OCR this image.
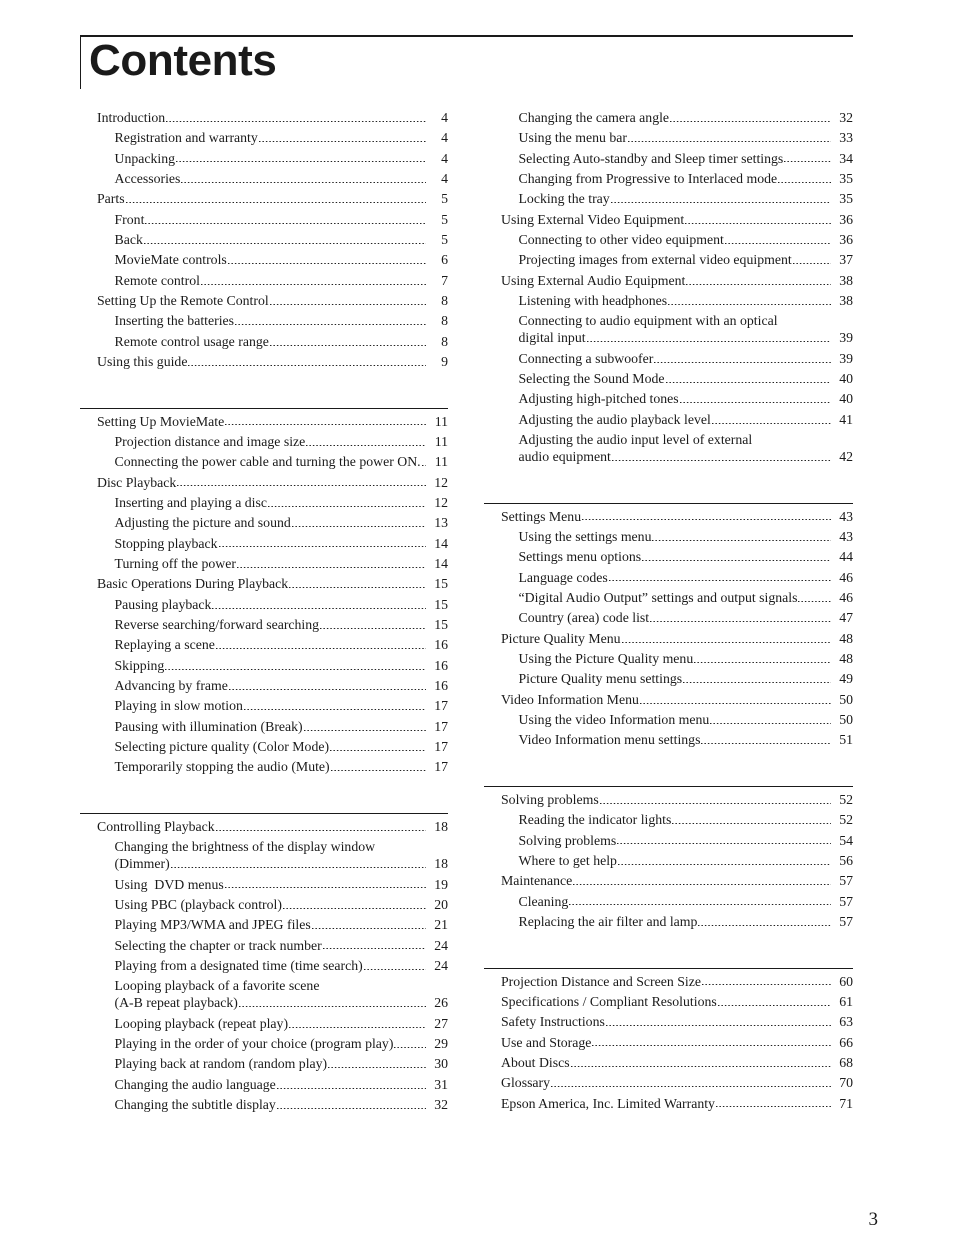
Contents
Introduction	4
Registration and warranty	4
Unpacking	4
Accessories	4
Parts	5
Front	5
Back	5
MovieMate controls	6
Remote control	7
Setting Up the Remote Control	8
Inserting the batteries	8
Remote control usage range	8
Using this guide	9
Setting Up MovieMate	11
Projection distance and image size	11
Connecting the power cable and turning the power ON.	11
Disc Playback	12
Inserting and playing a disc	12
Adjusting the picture and sound	13
Stopping playback	14
Turning off the power	14
Basic Operations During Playback	15
Pausing playback	15
Reverse searching/forward searching	15
Replaying a scene	16
Skipping	16
Advancing by frame	16
Playing in slow motion	17
Pausing with illumination (Break)	17
Selecting picture quality (Color Mode)	17
Temporarily stopping the audio (Mute)	17
Controlling Playback	18
Changing the brightness of the display window
(Dimmer)	18
Using  DVD menus	19
Using PBC (playback control)	20
Playing MP3/WMA and JPEG files	21
Selecting the chapter or track number	24
Playing from a designated time (time search)	24
Looping playback of a favorite scene
(A-B repeat playback)	26
Looping playback (repeat play)	27
Playing in the order of your choice (program play)	29
Playing back at random (random play)	30
Changing the audio language	31
Changing the subtitle display	32
Changing the camera angle	32
Using the menu bar	33
Selecting Auto-standby and Sleep timer settings	34
Changing from Progressive to Interlaced mode	35
Locking the tray	35
Using External Video Equipment	36
Connecting to other video equipment	36
Projecting images from external video equipment	37
Using External Audio Equipment	38
Listening with headphones	38
Connecting to audio equipment with an optical
digital input	39
Connecting a subwoofer	39
Selecting the Sound Mode	40
Adjusting high-pitched tones	40
Adjusting the audio playback level	41
Adjusting the audio input level of external
audio equipment	42
Settings Menu	43
Using the settings menu	43
Settings menu options	44
Language codes	46
“Digital Audio Output” settings and output signals	46
Country (area) code list	47
Picture Quality Menu	48
Using the Picture Quality menu	48
Picture Quality menu settings	49
Video Information Menu	50
Using the video Information menu	50
Video Information menu settings	51
Solving problems	52
Reading the indicator lights	52
Solving problems	54
Where to get help	56
Maintenance	57
Cleaning	57
Replacing the air filter and lamp	57
Projection Distance and Screen Size	60
Specifications / Compliant Resolutions	61
Safety Instructions	63
Use and Storage	66
About Discs	68
Glossary	70
Epson America, Inc. Limited Warranty	71
3
